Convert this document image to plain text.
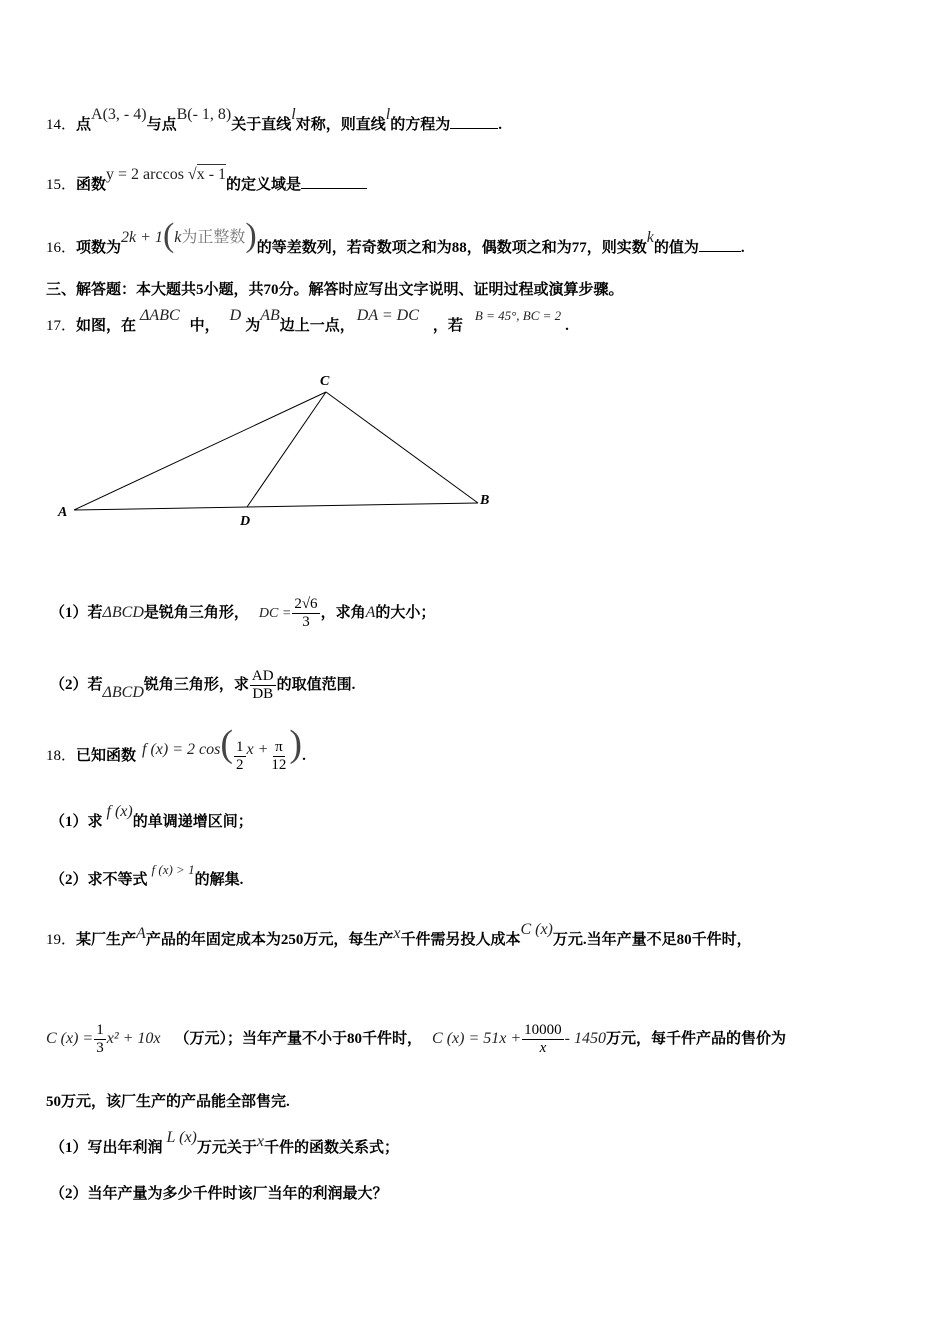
14．点A(3, - 4)与点B(- 1, 8)关于直线l对称，则直线l的方程为	.
15．函数y = 2 arccos √x - 1的定义域是
16．项数为2k + 1(k为正整数)的等差数列，若奇数项之和为88，偶数项之和为77，则实数k的值为	.
三、解答题：本大题共5小题，共70分。解答时应写出文字说明、证明过程或演算步骤。
17．如图，在ΔABC中，D为AB边上一点，DA = DC，若B = 45°, BC = 2.
A
B
C
D
（1）若ΔBCD是锐角三角形， DC = $\frac{2√6}{3}$ ，求角A的大小；
（2）若ΔBCD锐角三角形，求 $\frac{AD}{DB}$ 的取值范围.
18．已知函数 f (x) = 2 $\cos( \frac{1}{2}$ $x + \frac{\pi}{12}$ ).
（1）求f (x)的单调递增区间；
（2）求不等式f (x) > 1的解集.
19．某厂生产A产品的年固定成本为250万元，每生产x千件需另投人成本C (x)万元.当年产量不足80千件时，
C $(x) = \frac{1}{3} x^2 + 10x$ （万元）；当年产量不小于80千件时， C $(x) = 51x + \frac{10000}{x} - 1450$万元，每千件产品的售价为
50万元，该厂生产的产品能全部售完.
（1）写出年利润L (x)万元关于x千件的函数关系式；
（2）当年产量为多少千件时该厂当年的利润最大？
